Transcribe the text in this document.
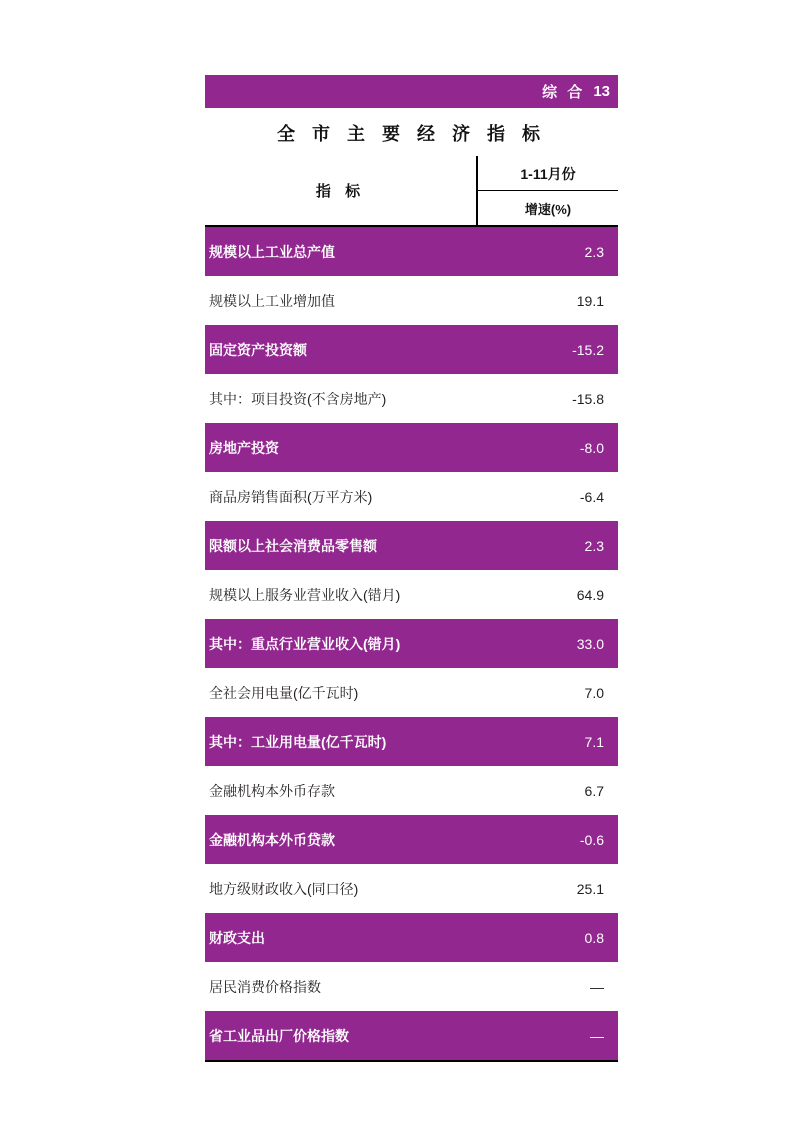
综 合 13
全 市 主 要 经 济 指 标
指 标	1-11月份
	增速(%)
规模以上工业总产值	2.3
规模以上工业增加值	19.1
固定资产投资额	-15.2
其中：项目投资(不含房地产)	-15.8
房地产投资	-8.0
商品房销售面积(万平方米)	-6.4
限额以上社会消费品零售额	2.3
规模以上服务业营业收入(错月)	64.9
其中：重点行业营业收入(错月)	33.0
全社会用电量(亿千瓦时)	7.0
其中：工业用电量(亿千瓦时)	7.1
金融机构本外币存款	6.7
金融机构本外币贷款	-0.6
地方级财政收入(同口径)	25.1
财政支出	0.8
居民消费价格指数	—
省工业品出厂价格指数	—
